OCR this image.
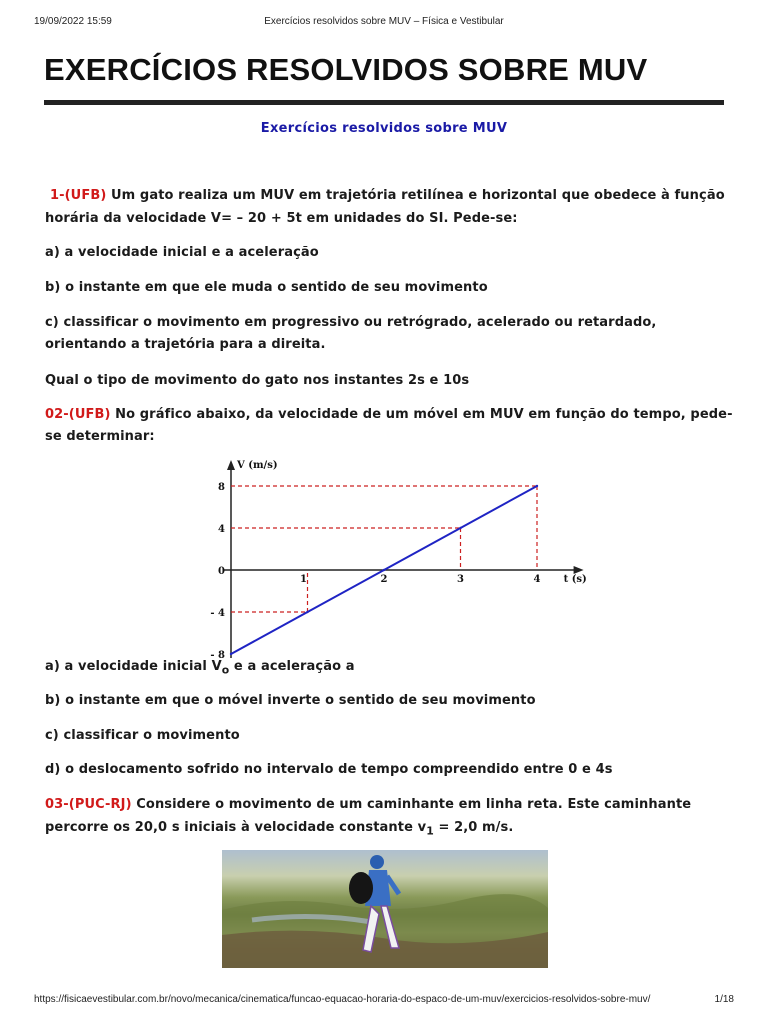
19/09/2022 15:59	Exercícios resolvidos sobre MUV – Física e Vestibular
EXERCÍCIOS RESOLVIDOS SOBRE MUV
Exercícios resolvidos sobre MUV
1-(UFB) Um gato realiza um MUV em trajetória retilínea e horizontal que obedece à função horária da velocidade V= – 20 + 5t em unidades do SI. Pede-se:
a) a velocidade inicial e a aceleração
b) o instante em que ele muda o sentido de seu movimento
c) classificar o movimento em progressivo ou retrógrado, acelerado ou retardado, orientando a trajetória para a direita.
Qual o tipo de movimento do gato nos instantes 2s e 10s
02-(UFB) No gráfico abaixo, da velocidade de um móvel em MUV em função do tempo, pede-se determinar:
V (m/s)
t (s)
8
4
0
- 4
- 8
1	2	3	4
a) a velocidade inicial $V_o$ e a aceleração a
b) o instante em que o móvel inverte o sentido de seu movimento
c) classificar o movimento
d) o deslocamento sofrido no intervalo de tempo compreendido entre 0 e 4s
03-(PUC-RJ) Considere o movimento de um caminhante em linha reta. Este caminhante percorre os 20,0 s iniciais à velocidade constante $v_1 = 2,0$ m/s.
https://fisicaevestibular.com.br/novo/mecanica/cinematica/funcao-equacao-horaria-do-espaco-de-um-muv/exercicios-resolvidos-sobre-muv/	1/18
